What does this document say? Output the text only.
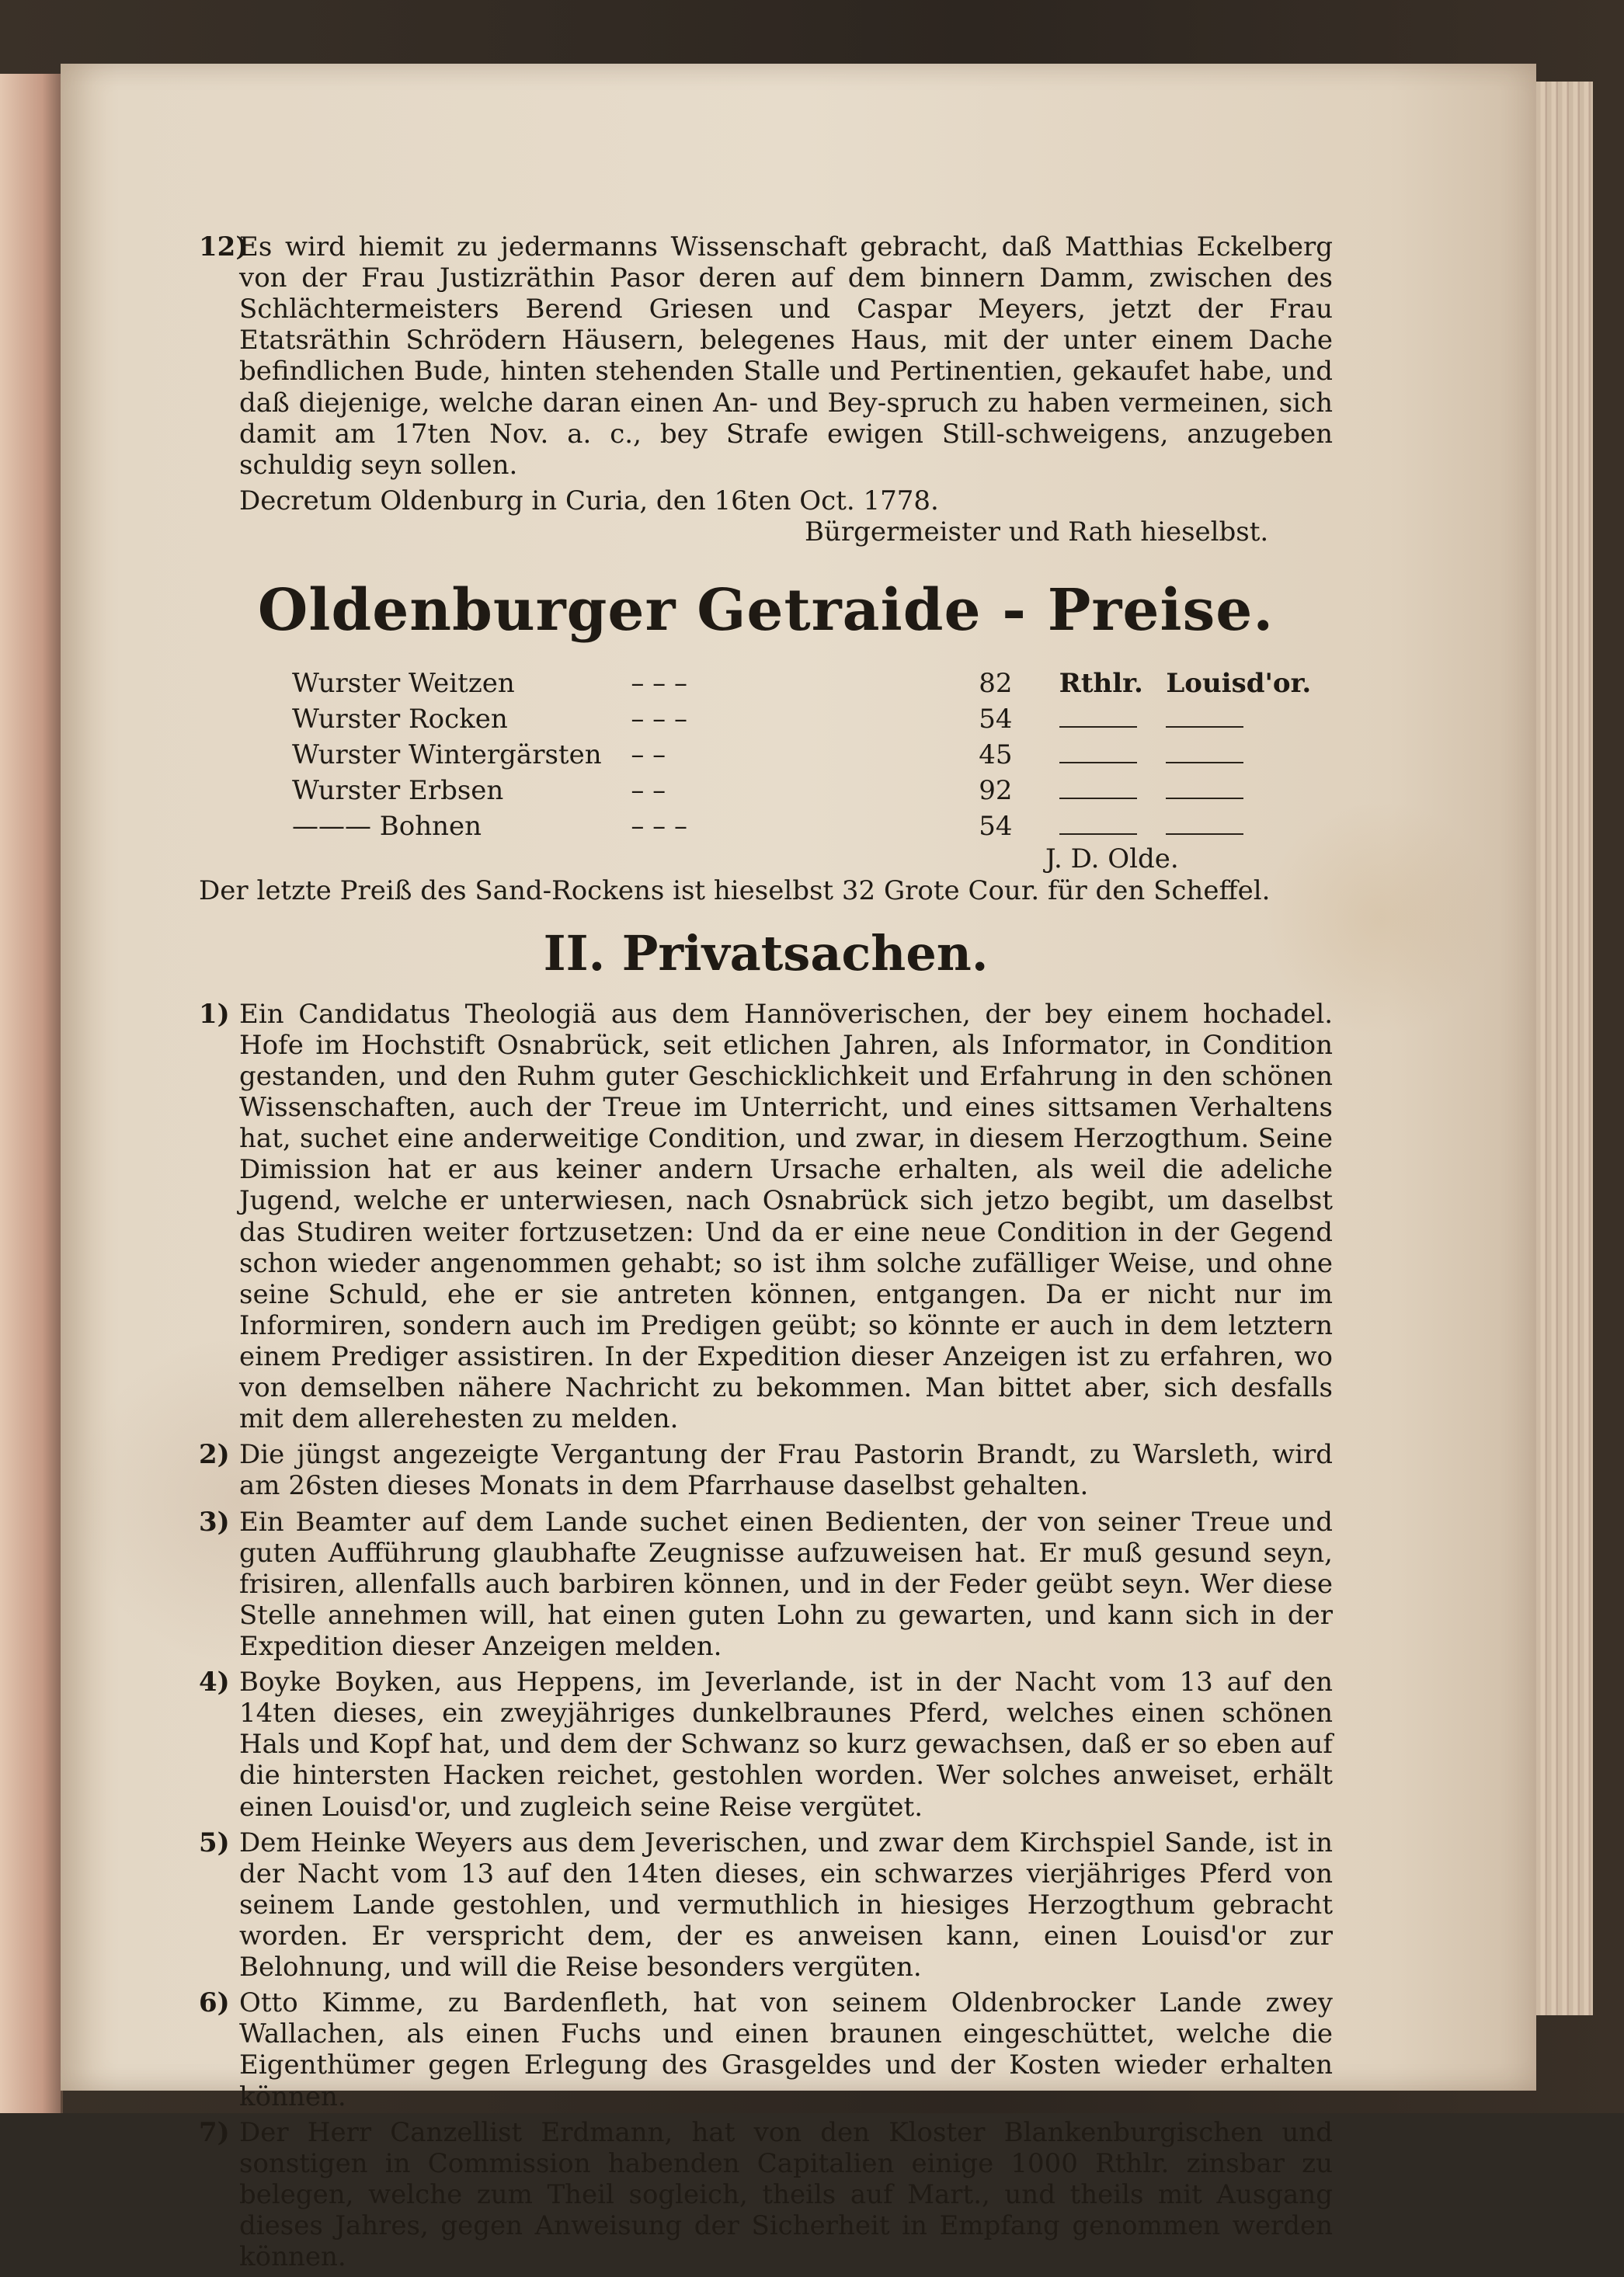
12)
Es wird hiemit zu jedermanns Wissenschaft gebracht, daß Matthias Eckelberg von der Frau Justizräthin Pasor deren auf dem binnern Damm, zwischen des Schlächtermeisters Berend Griesen und Caspar Meyers, jetzt der Frau Etatsräthin Schrödern Häusern, belegenes Haus, mit der unter einem Dache befindlichen Bude, hinten stehenden Stalle und Pertinentien, gekaufet habe, und daß diejenige, welche daran einen An- und Bey-spruch zu haben vermeinen, sich damit am 17ten Nov. a. c., bey Strafe ewigen Still-schweigens, anzugeben schuldig seyn sollen.
Decretum Oldenburg in Curia, den 16ten Oct. 1778.
Bürgermeister und Rath hieselbst.
Oldenburger Getraide - Preise.
Wurster Weitzen	– – –	82	Rthlr.	Louisd'or.
Wurster Rocken	– – –	54		
Wurster Wintergärsten	– –	45		
Wurster Erbsen	– –	92		
——— Bohnen	– – –	54		
J. D. Olde.
Der letzte Preiß des Sand-Rockens ist hieselbst 32 Grote Cour. für den Scheffel.
II. Privatsachen.
1) Ein Candidatus Theologiä aus dem Hannöverischen, der bey einem hochadel. Hofe im Hochstift Osnabrück, seit etlichen Jahren, als Informator, in Condition gestanden, und den Ruhm guter Geschicklichkeit und Erfahrung in den schönen Wissenschaften, auch der Treue im Unterricht, und eines sittsamen Verhaltens hat, suchet eine anderweitige Condition, und zwar, in diesem Herzogthum. Seine Dimission hat er aus keiner andern Ursache erhalten, als weil die adeliche Jugend, welche er unterwiesen, nach Osnabrück sich jetzo begibt, um daselbst das Studiren weiter fortzusetzen: Und da er eine neue Condition in der Gegend schon wieder angenommen gehabt; so ist ihm solche zufälliger Weise, und ohne seine Schuld, ehe er sie antreten können, entgangen. Da er nicht nur im Informiren, sondern auch im Predigen geübt; so könnte er auch in dem letztern einem Prediger assistiren. In der Expedition dieser Anzeigen ist zu erfahren, wo von demselben nähere Nachricht zu bekommen. Man bittet aber, sich desfalls mit dem allerehesten zu melden.
2) Die jüngst angezeigte Vergantung der Frau Pastorin Brandt, zu Warsleth, wird am 26sten dieses Monats in dem Pfarrhause daselbst gehalten.
3) Ein Beamter auf dem Lande suchet einen Bedienten, der von seiner Treue und guten Aufführung glaubhafte Zeugnisse aufzuweisen hat. Er muß gesund seyn, frisiren, allenfalls auch barbiren können, und in der Feder geübt seyn. Wer diese Stelle annehmen will, hat einen guten Lohn zu gewarten, und kann sich in der Expedition dieser Anzeigen melden.
4) Boyke Boyken, aus Heppens, im Jeverlande, ist in der Nacht vom 13 auf den 14ten dieses, ein zweyjähriges dunkelbraunes Pferd, welches einen schönen Hals und Kopf hat, und dem der Schwanz so kurz gewachsen, daß er so eben auf die hintersten Hacken reichet, gestohlen worden. Wer solches anweiset, erhält einen Louisd'or, und zugleich seine Reise vergütet.
5) Dem Heinke Weyers aus dem Jeverischen, und zwar dem Kirchspiel Sande, ist in der Nacht vom 13 auf den 14ten dieses, ein schwarzes vierjähriges Pferd von seinem Lande gestohlen, und vermuthlich in hiesiges Herzogthum gebracht worden. Er verspricht dem, der es anweisen kann, einen Louisd'or zur Belohnung, und will die Reise besonders vergüten.
6) Otto Kimme, zu Bardenfleth, hat von seinem Oldenbrocker Lande zwey Wallachen, als einen Fuchs und einen braunen eingeschüttet, welche die Eigenthümer gegen Erlegung des Grasgeldes und der Kosten wieder erhalten können.
7) Der Herr Canzellist Erdmann, hat von den Kloster Blankenburgischen und sonstigen in Commission habenden Capitalien einige 1000 Rthlr. zinsbar zu belegen, welche zum Theil sogleich, theils auf Mart., und theils mit Ausgang dieses Jahres, gegen Anweisung der Sicherheit in Empfang genommen werden können.
